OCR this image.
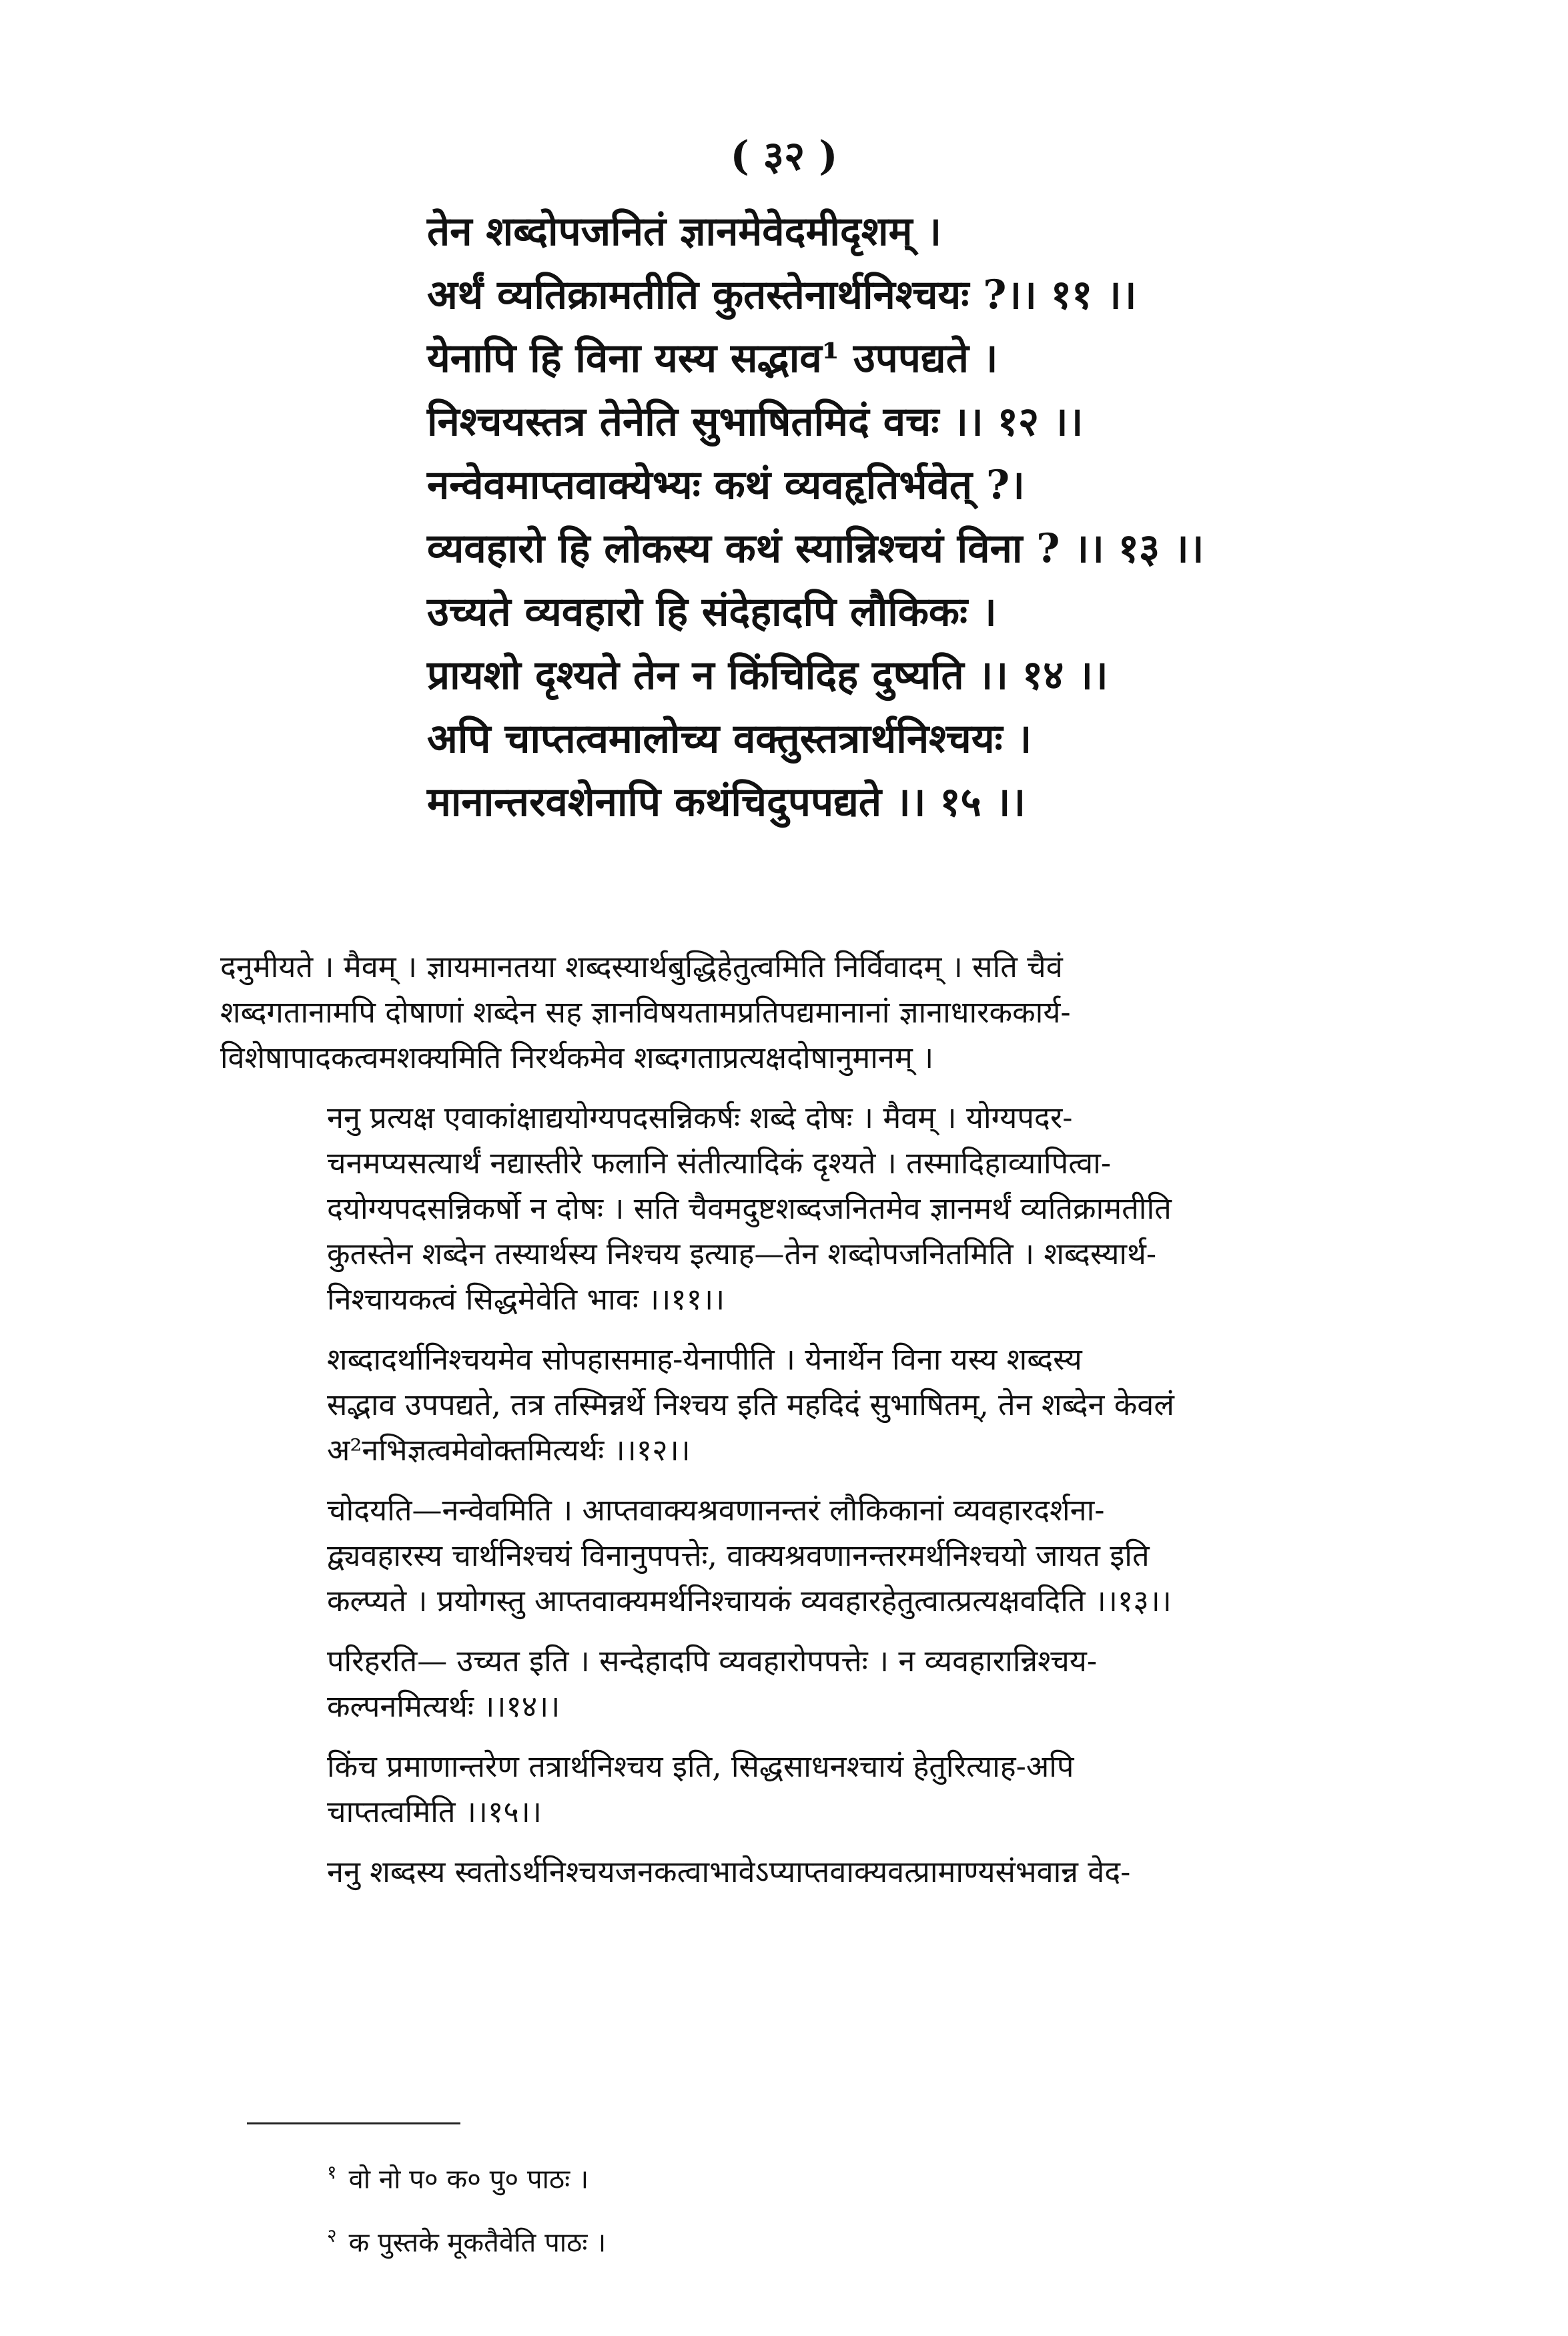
( ३२ )
तेन शब्दोपजनितं ज्ञानमेवेदमीदृशम् ।
अर्थं व्यतिक्रामतीति कुतस्तेनार्थनिश्चयः ?।। ११ ।।
येनापि हि विना यस्य सद्भाव¹ उपपद्यते ।
निश्चयस्तत्र तेनेति सुभाषितमिदं वचः ।। १२ ।।
नन्वेवमाप्तवाक्येभ्यः कथं व्यवहृतिर्भवेत् ?।
व्यवहारो हि लोकस्य कथं स्यान्निश्चयं विना ? ।। १३ ।।
उच्यते व्यवहारो हि संदेहादपि लौकिकः ।
प्रायशो दृश्यते तेन न किंचिदिह दुष्यति ।। १४ ।।
अपि चाप्तत्वमालोच्य वक्तुस्तत्रार्थनिश्चयः ।
मानान्तरवशेनापि कथंचिदुपपद्यते ।। १५ ।।
दनुमीयते । मैवम् । ज्ञायमानतया शब्दस्यार्थबुद्धिहेतुत्वमिति निर्विवादम् । सति चैवं
शब्दगतानामपि दोषाणां शब्देन सह ज्ञानविषयतामप्रतिपद्यमानानां ज्ञानाधारककार्य-
विशेषापादकत्वमशक्यमिति निरर्थकमेव शब्दगताप्रत्यक्षदोषानुमानम् ।
ननु प्रत्यक्ष एवाकांक्षाद्ययोग्यपदसन्निकर्षः शब्दे दोषः । मैवम् । योग्यपदर-
चनमप्यसत्यार्थं नद्यास्तीरे फलानि संतीत्यादिकं दृश्यते । तस्मादिहाव्यापित्वा-
दयोग्यपदसन्निकर्षो न दोषः । सति चैवमदुष्टशब्दजनितमेव ज्ञानमर्थं व्यतिक्रामतीति
कुतस्तेन शब्देन तस्यार्थस्य निश्चय इत्याह—तेन शब्दोपजनितमिति । शब्दस्यार्थ-
निश्चायकत्वं सिद्धमेवेति भावः ।।११।।
शब्दादर्थानिश्चयमेव सोपहासमाह-येनापीति । येनार्थेन विना यस्य शब्दस्य
सद्भाव उपपद्यते, तत्र तस्मिन्नर्थे निश्चय इति महदिदं सुभाषितम्, तेन शब्देन केवलं
अ²नभिज्ञत्वमेवोक्तमित्यर्थः ।।१२।।
चोदयति—नन्वेवमिति । आप्तवाक्यश्रवणानन्तरं लौकिकानां व्यवहारदर्शना-
द्व्यवहारस्य चार्थनिश्चयं विनानुपपत्तेः, वाक्यश्रवणानन्तरमर्थनिश्चयो जायत इति
कल्प्यते । प्रयोगस्तु आप्तवाक्यमर्थनिश्चायकं व्यवहारहेतुत्वात्प्रत्यक्षवदिति ।।१३।।
परिहरति— उच्यत इति । सन्देहादपि व्यवहारोपपत्तेः । न व्यवहारान्निश्चय-
कल्पनमित्यर्थः ।।१४।।
किंच प्रमाणान्तरेण तत्रार्थनिश्चय इति, सिद्धसाधनश्चायं हेतुरित्याह-अपि
चाप्तत्वमिति ।।१५।।
ननु शब्दस्य स्वतोऽर्थनिश्चयजनकत्वाभावेऽप्याप्तवाक्यवत्प्रामाण्यसंभवान्न वेद-
$^१$ वो नो प० क० पु० पाठः ।
$^२$ क पुस्तके मूकतैवेति पाठः ।
